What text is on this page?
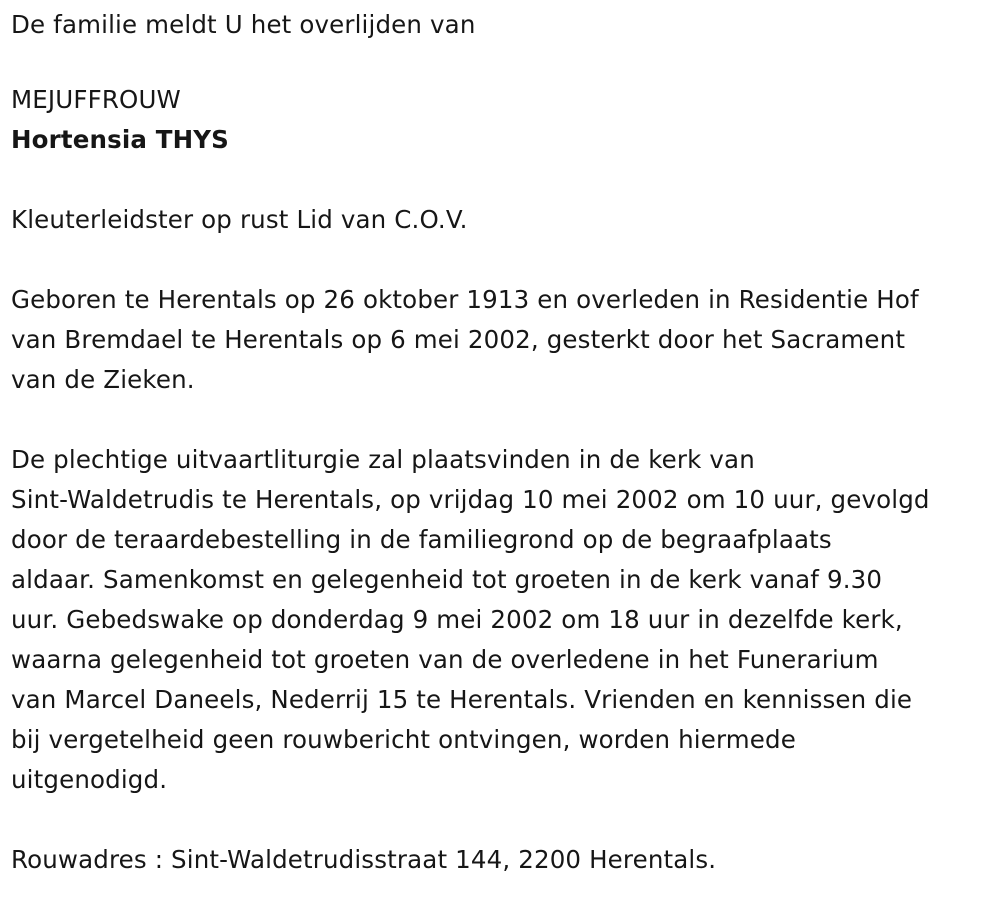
De familie meldt U het overlijden van
MEJUFFROUW
Hortensia THYS
Kleuterleidster op rust Lid van C.O.V.
Geboren te Herentals op 26 oktober 1913 en overleden in Residentie Hof
van Bremdael te Herentals op 6 mei 2002, gesterkt door het Sacrament
van de Zieken.
De plechtige uitvaartliturgie zal plaatsvinden in de kerk van
Sint-Waldetrudis te Herentals, op vrijdag 10 mei 2002 om 10 uur, gevolgd
door de teraardebestelling in de familiegrond op de begraafplaats
aldaar. Samenkomst en gelegenheid tot groeten in de kerk vanaf 9.30
uur. Gebedswake op donderdag 9 mei 2002 om 18 uur in dezelfde kerk,
waarna gelegenheid tot groeten van de overledene in het Funerarium
van Marcel Daneels, Nederrij 15 te Herentals. Vrienden en kennissen die
bij vergetelheid geen rouwbericht ontvingen, worden hiermede
uitgenodigd.
Rouwadres : Sint-Waldetrudisstraat 144, 2200 Herentals.
